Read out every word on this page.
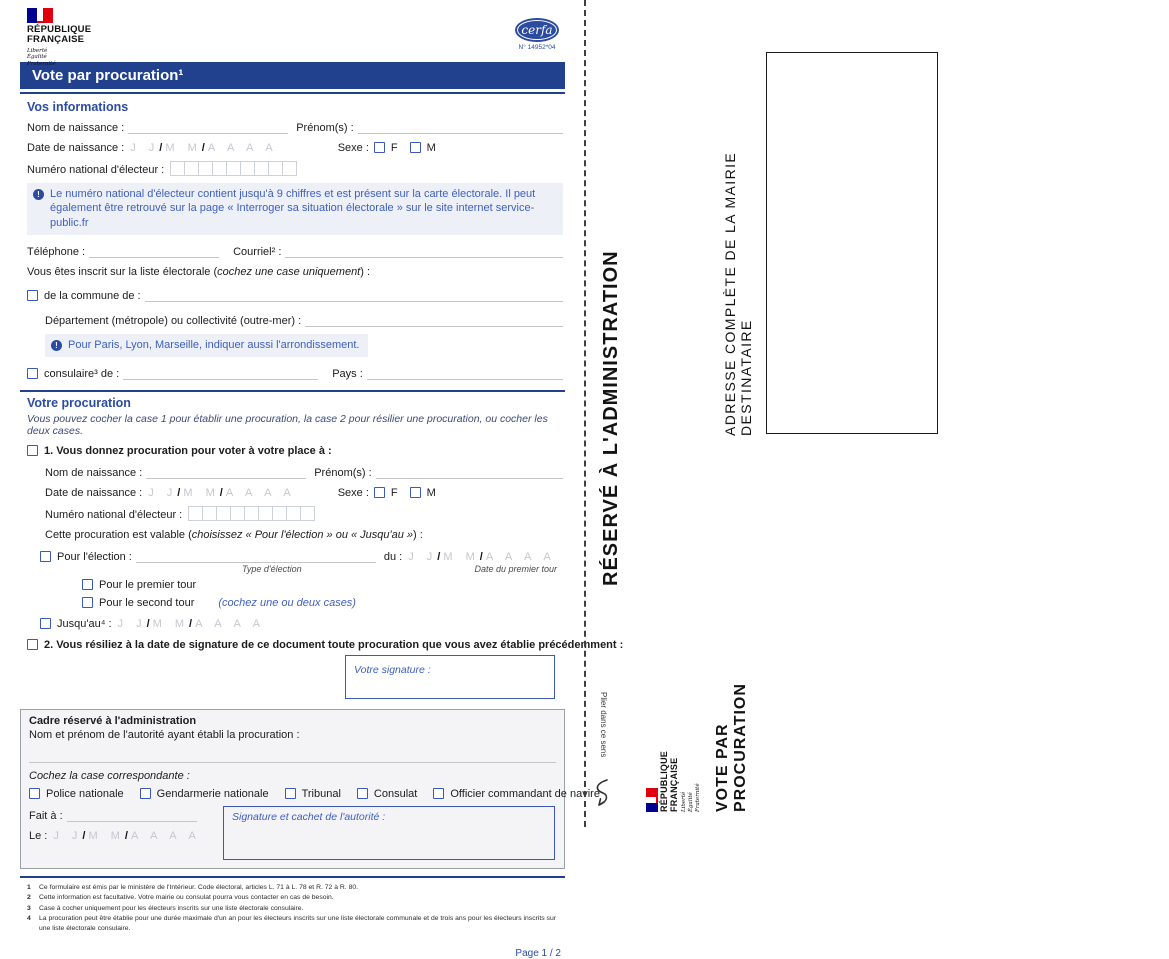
RÉPUBLIQUE
FRANÇAISE
Liberté
Égalité
Fraternité
cerfa
N° 14952*04
Vote par procuration¹
Vos informations
Nom de naissance :	Prénom(s) :
Date de naissance : J J/ M M/ A A A A	Sexe : F	M
Numéro national d'électeur :
! Le numéro national d'électeur contient jusqu'à 9 chiffres et est présent sur la carte électorale. Il peut également être retrouvé sur la page « Interroger sa situation électorale » sur le site internet service-public.fr
Téléphone :	Courriel² :
Vous êtes inscrit sur la liste électorale ( cochez une case uniquement ) :
de la commune de :
Département (métropole) ou collectivité (outre-mer) :
! Pour Paris, Lyon, Marseille, indiquer aussi l'arrondissement.
consulaire³ de :	Pays :
Votre procuration
Vous pouvez cocher la case 1 pour établir une procuration, la case 2 pour résilier une procuration, ou cocher les deux cases.
1. Vous donnez procuration pour voter à votre place à :
Nom de naissance :	Prénom(s) :
Date de naissance : J J/ M M/ A A A A	Sexe : F	M
Numéro national d'électeur :
Cette procuration est valable ( choisissez « Pour l'élection » ou « Jusqu'au » ) :
Pour l'élection :	du : J J/ M M/ A A A A
Type d'élection	Date du premier tour
Pour le premier tour
Pour le second tour (cochez une ou deux cases)
Jusqu'au⁴ : J J/ M M/ A A A A
2. Vous résiliez à la date de signature de ce document toute procuration que vous avez établie précédemment :
Votre signature :
Cadre réservé à l'administration
Nom et prénom de l'autorité ayant établi la procuration :
Cochez la case correspondante :
Police nationale	Gendarmerie nationale	Tribunal	Consulat	Officier commandant de navire
Fait à :
Le : J J/ M M/ A A A A
Signature et cachet de l'autorité :
1	Ce formulaire est émis par le ministère de l'Intérieur. Code électoral, articles L. 71 à L. 78 et R. 72 à R. 80.
2	Cette information est facultative. Votre mairie ou consulat pourra vous contacter en cas de besoin.
3	Case à cocher uniquement pour les électeurs inscrits sur une liste électorale consulaire.
4	La procuration peut être établie pour une durée maximale d'un an pour les électeurs inscrits sur une liste électorale communale et de trois ans pour les électeurs inscrits sur une liste électorale consulaire.
Page 1 / 2
RÉSERVÉ À L'ADMINISTRATION	ADRESSE COMPLÈTE DE LA MAIRIE DESTINATAIRE
VOTE PAR PROCURATION
Plier dans ce sens
RÉPUBLIQUE FRANÇAISE Liberté Égalité Fraternité
